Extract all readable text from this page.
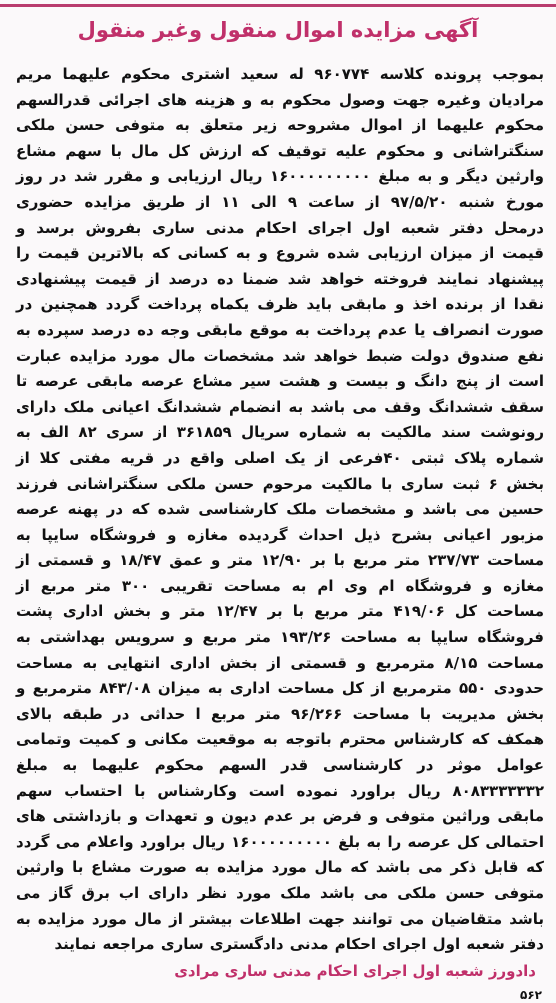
آگهی مزایده اموال منقول وغیر منقول
بموجب پرونده کلاسه ۹۶۰۷۷۴ له سعید اشتری محکوم علیهما مریم مرادیان وغیره جهت وصول محکوم به و هزینه های اجرائی قدرالسهم محکوم علیهما از اموال مشروحه زیر متعلق به متوفی حسن ملکی سنگتراشانی و محکوم علیه توقیف که ارزش کل مال با سهم مشاع وارثین دیگر و به مبلغ ۱۶۰۰۰۰۰۰۰۰۰ ریال ارزیابی و مقرر شد در روز مورخ شنبه ۹۷/۵/۲۰ از ساعت ۹ الی ۱۱ از طریق مزایده حضوری درمحل دفتر شعبه اول اجرای احکام مدنی ساری بفروش برسد و قیمت از میزان ارزیابی شده شروع و به کسانی که بالاترین قیمت را پیشنهاد نمایند فروخته خواهد شد ضمنا ده درصد از قیمت پیشنهادی نقدا از برنده اخذ و مابقی باید ظرف یکماه پرداخت گردد همچنین در صورت انصراف یا عدم پرداخت به موقع مابقی وجه ده درصد سپرده به نفع صندوق دولت ضبط خواهد شد مشخصات مال مورد مزایده عبارت است از پنج دانگ و بیست و هشت سیر مشاع عرصه مابقی عرصه تا سقف ششدانگ وقف می باشد به انضمام ششدانگ اعیانی ملک دارای رونوشت سند مالکیت به شماره سریال ۳۶۱۸۵۹ از سری ۸۲ الف به شماره پلاک ثبتی ۴۰فرعی از یک اصلی واقع در قریه مفتی کلا از بخش ۶ ثبت ساری با مالکیت مرحوم حسن ملکی سنگتراشانی فرزند حسین می باشد و مشخصات ملک کارشناسی شده که در پهنه عرصه مزبور اعیانی بشرح ذیل احداث گردیده مغازه و فروشگاه سایپا به مساحت ۲۳۷/۷۳ متر مربع با بر ۱۲/۹۰ متر و عمق ۱۸/۴۷ و قسمتی از مغازه و فروشگاه ام وی ام به مساحت تقریبی ۳۰۰ متر مربع از مساحت کل ۴۱۹/۰۶ متر مربع با بر ۱۲/۴۷ متر و بخش اداری پشت فروشگاه سایپا به مساحت ۱۹۳/۲۶ متر مربع و سرویس بهداشتی به مساحت ۸/۱۵ مترمربع و قسمتی از بخش اداری انتهایی به مساحت حدودی ۵۵۰ مترمربع از کل مساحت اداری به میزان ۸۴۳/۰۸ مترمربع و بخش مدیریت با مساحت ۹۶/۲۶۶ متر مربع ا حداثی در طبقه بالای همکف که کارشناس محترم باتوجه به موقعیت مکانی و کمیت وتمامی عوامل موثر در کارشناسی قدر السهم محکوم علیهما به مبلغ ۸۰۸۳۳۳۳۳۳۲ ریال براورد نموده است وکارشناس با احتساب سهم مابقی وراثین متوفی و فرض بر عدم دیون و تعهدات و بازداشتی های احتمالی کل عرصه را به بلغ ۱۶۰۰۰۰۰۰۰۰۰ ریال براورد واعلام می گردد که قابل ذکر می باشد که مال مورد مزایده به صورت مشاع با وارثین متوفی حسن ملکی می باشد ملک مورد نظر دارای اب برق گاز می باشد متقاضیان می توانند جهت اطلاعات بیشتر از مال مورد مزایده به دفتر شعبه اول اجرای احکام مدنی دادگستری ساری مراجعه نمایند
دادورز شعبه اول اجرای احکام مدنی ساری مرادی
۵۶۲
